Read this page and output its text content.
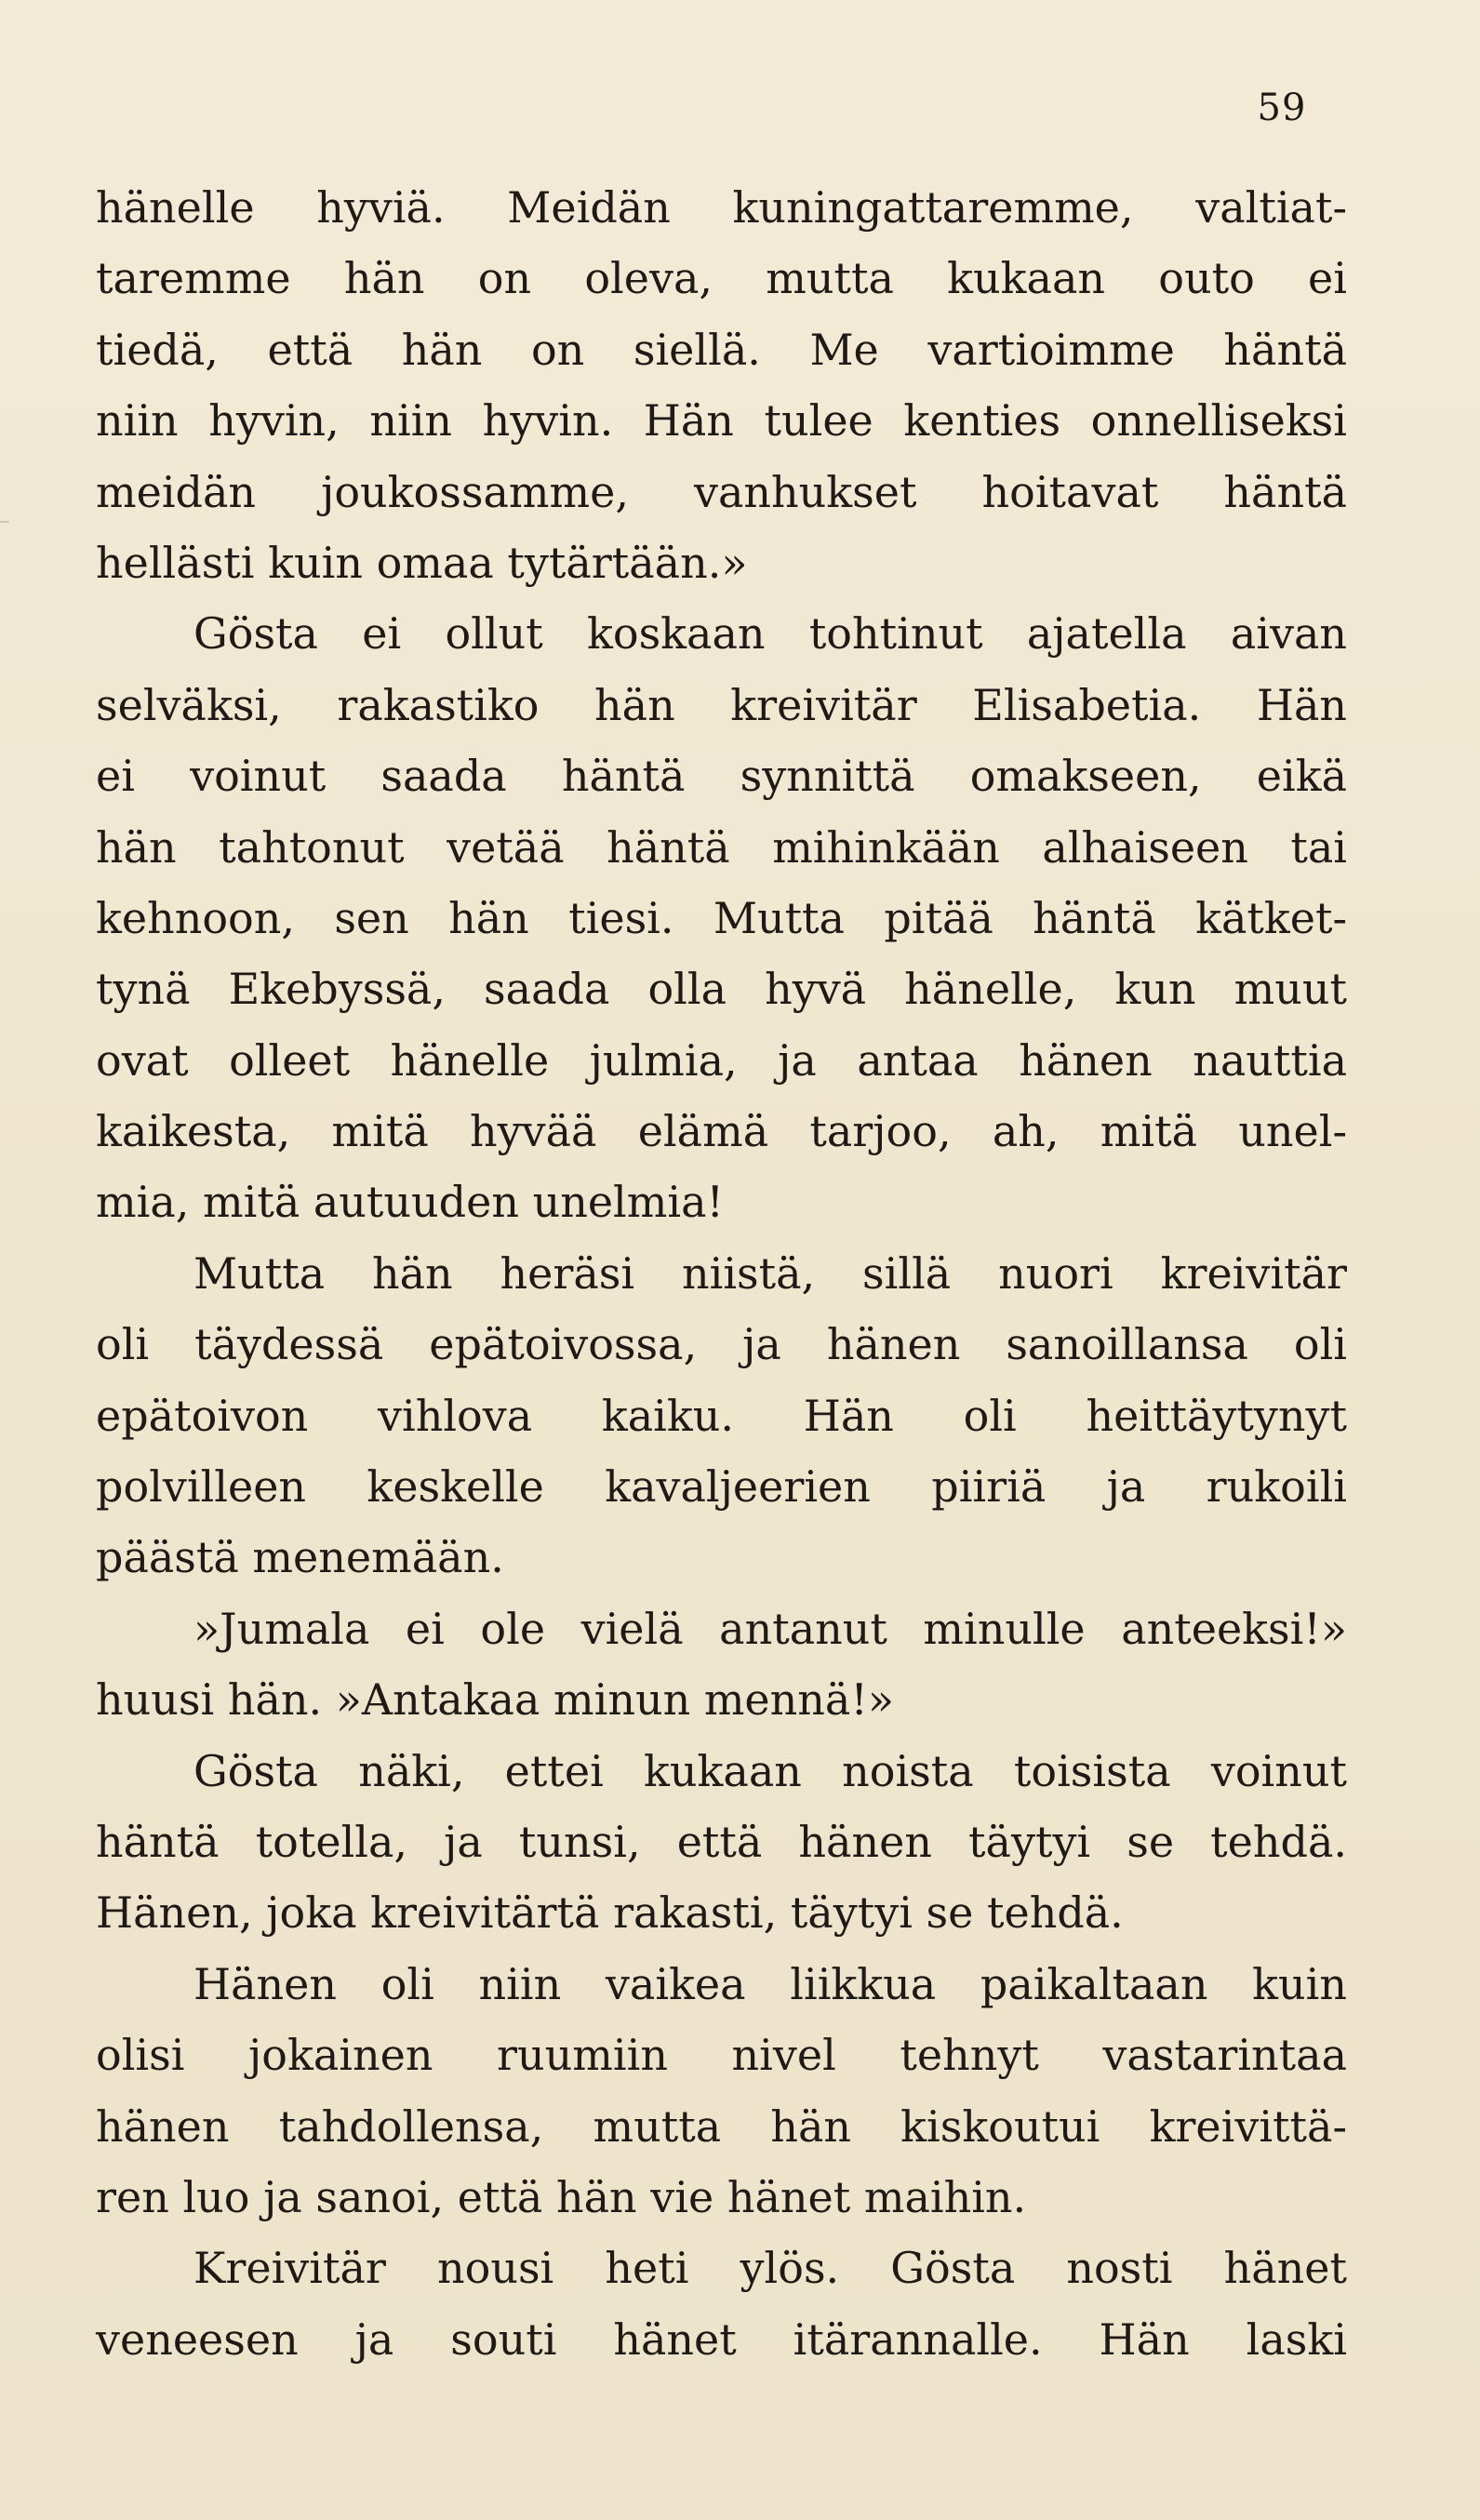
59
hänelle hyviä. Meidän kuningattaremme, valtiat-
taremme hän on oleva, mutta kukaan outo ei
tiedä, että hän on siellä. Me vartioimme häntä
niin hyvin, niin hyvin. Hän tulee kenties onnelliseksi
meidän joukossamme, vanhukset hoitavat häntä
hellästi kuin omaa tytärtään.»
Gösta ei ollut koskaan tohtinut ajatella aivan
selväksi, rakastiko hän kreivitär Elisabetia. Hän
ei voinut saada häntä synnittä omakseen, eikä
hän tahtonut vetää häntä mihinkään alhaiseen tai
kehnoon, sen hän tiesi. Mutta pitää häntä kätket-
tynä Ekebyssä, saada olla hyvä hänelle, kun muut
ovat olleet hänelle julmia, ja antaa hänen nauttia
kaikesta, mitä hyvää elämä tarjoo, ah, mitä unel-
mia, mitä autuuden unelmia!
Mutta hän heräsi niistä, sillä nuori kreivitär
oli täydessä epätoivossa, ja hänen sanoillansa oli
epätoivon vihlova kaiku. Hän oli heittäytynyt
polvilleen keskelle kavaljeerien piiriä ja rukoili
päästä menemään.
»Jumala ei ole vielä antanut minulle anteeksi!»
huusi hän. »Antakaa minun mennä!»
Gösta näki, ettei kukaan noista toisista voinut
häntä totella, ja tunsi, että hänen täytyi se tehdä.
Hänen, joka kreivitärtä rakasti, täytyi se tehdä.
Hänen oli niin vaikea liikkua paikaltaan kuin
olisi jokainen ruumiin nivel tehnyt vastarintaa
hänen tahdollensa, mutta hän kiskoutui kreivittä-
ren luo ja sanoi, että hän vie hänet maihin.
Kreivitär nousi heti ylös. Gösta nosti hänet
veneesen ja souti hänet itärannalle. Hän laski
